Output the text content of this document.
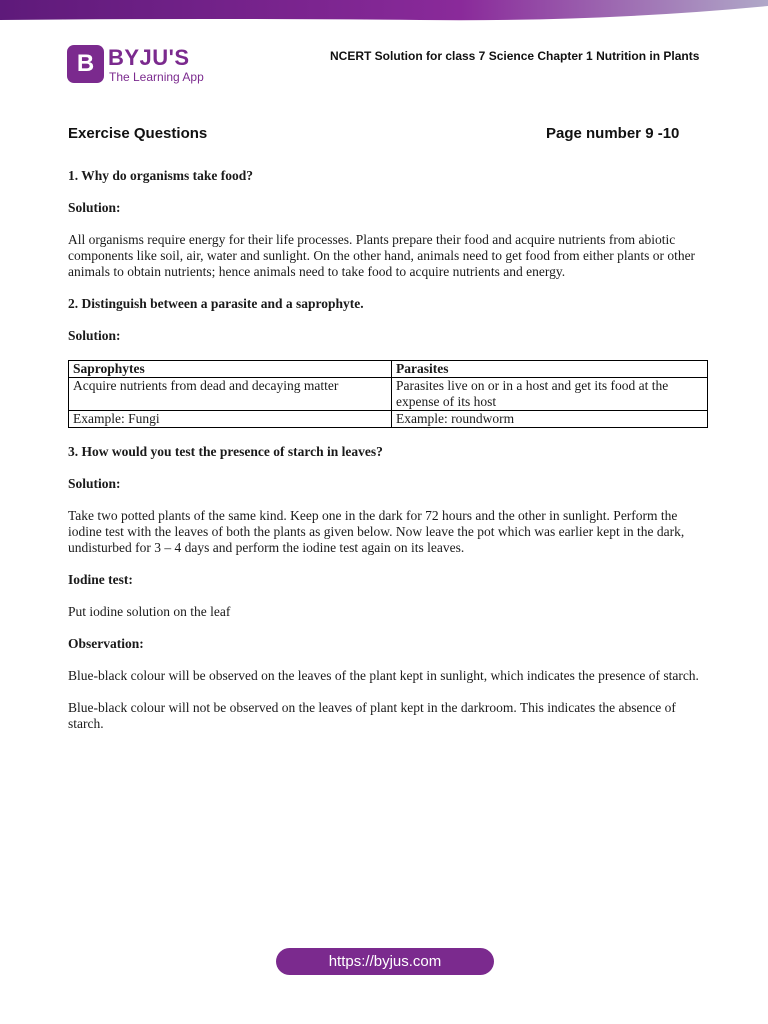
B BYJU'S
The Learning App
NCERT Solution for class 7 Science Chapter 1 Nutrition in Plants
Exercise Questions	Page number 9 -10

1. Why do organisms take food?

Solution:

All organisms require energy for their life processes. Plants prepare their food and acquire nutrients from abiotic components like soil, air, water and sunlight. On the other hand, animals need to get food from either plants or other animals to obtain nutrients; hence animals need to take food to acquire nutrients and energy.

2. Distinguish between a parasite and a saprophyte.

Solution:

Saprophytes	Parasites
Acquire nutrients from dead and decaying matter	Parasites live on or in a host and get its food at the expense of its host
Example: Fungi	Example: roundworm

3. How would you test the presence of starch in leaves?

Solution:

Take two potted plants of the same kind. Keep one in the dark for 72 hours and the other in sunlight. Perform the iodine test with the leaves of both the plants as given below. Now leave the pot which was earlier kept in the dark, undisturbed for 3 – 4 days and perform the iodine test again on its leaves.

Iodine test:

Put iodine solution on the leaf

Observation:

Blue-black colour will be observed on the leaves of the plant kept in sunlight, which indicates the presence of starch.

Blue-black colour will not be observed on the leaves of plant kept in the darkroom. This indicates the absence of starch.

https://byjus.com
